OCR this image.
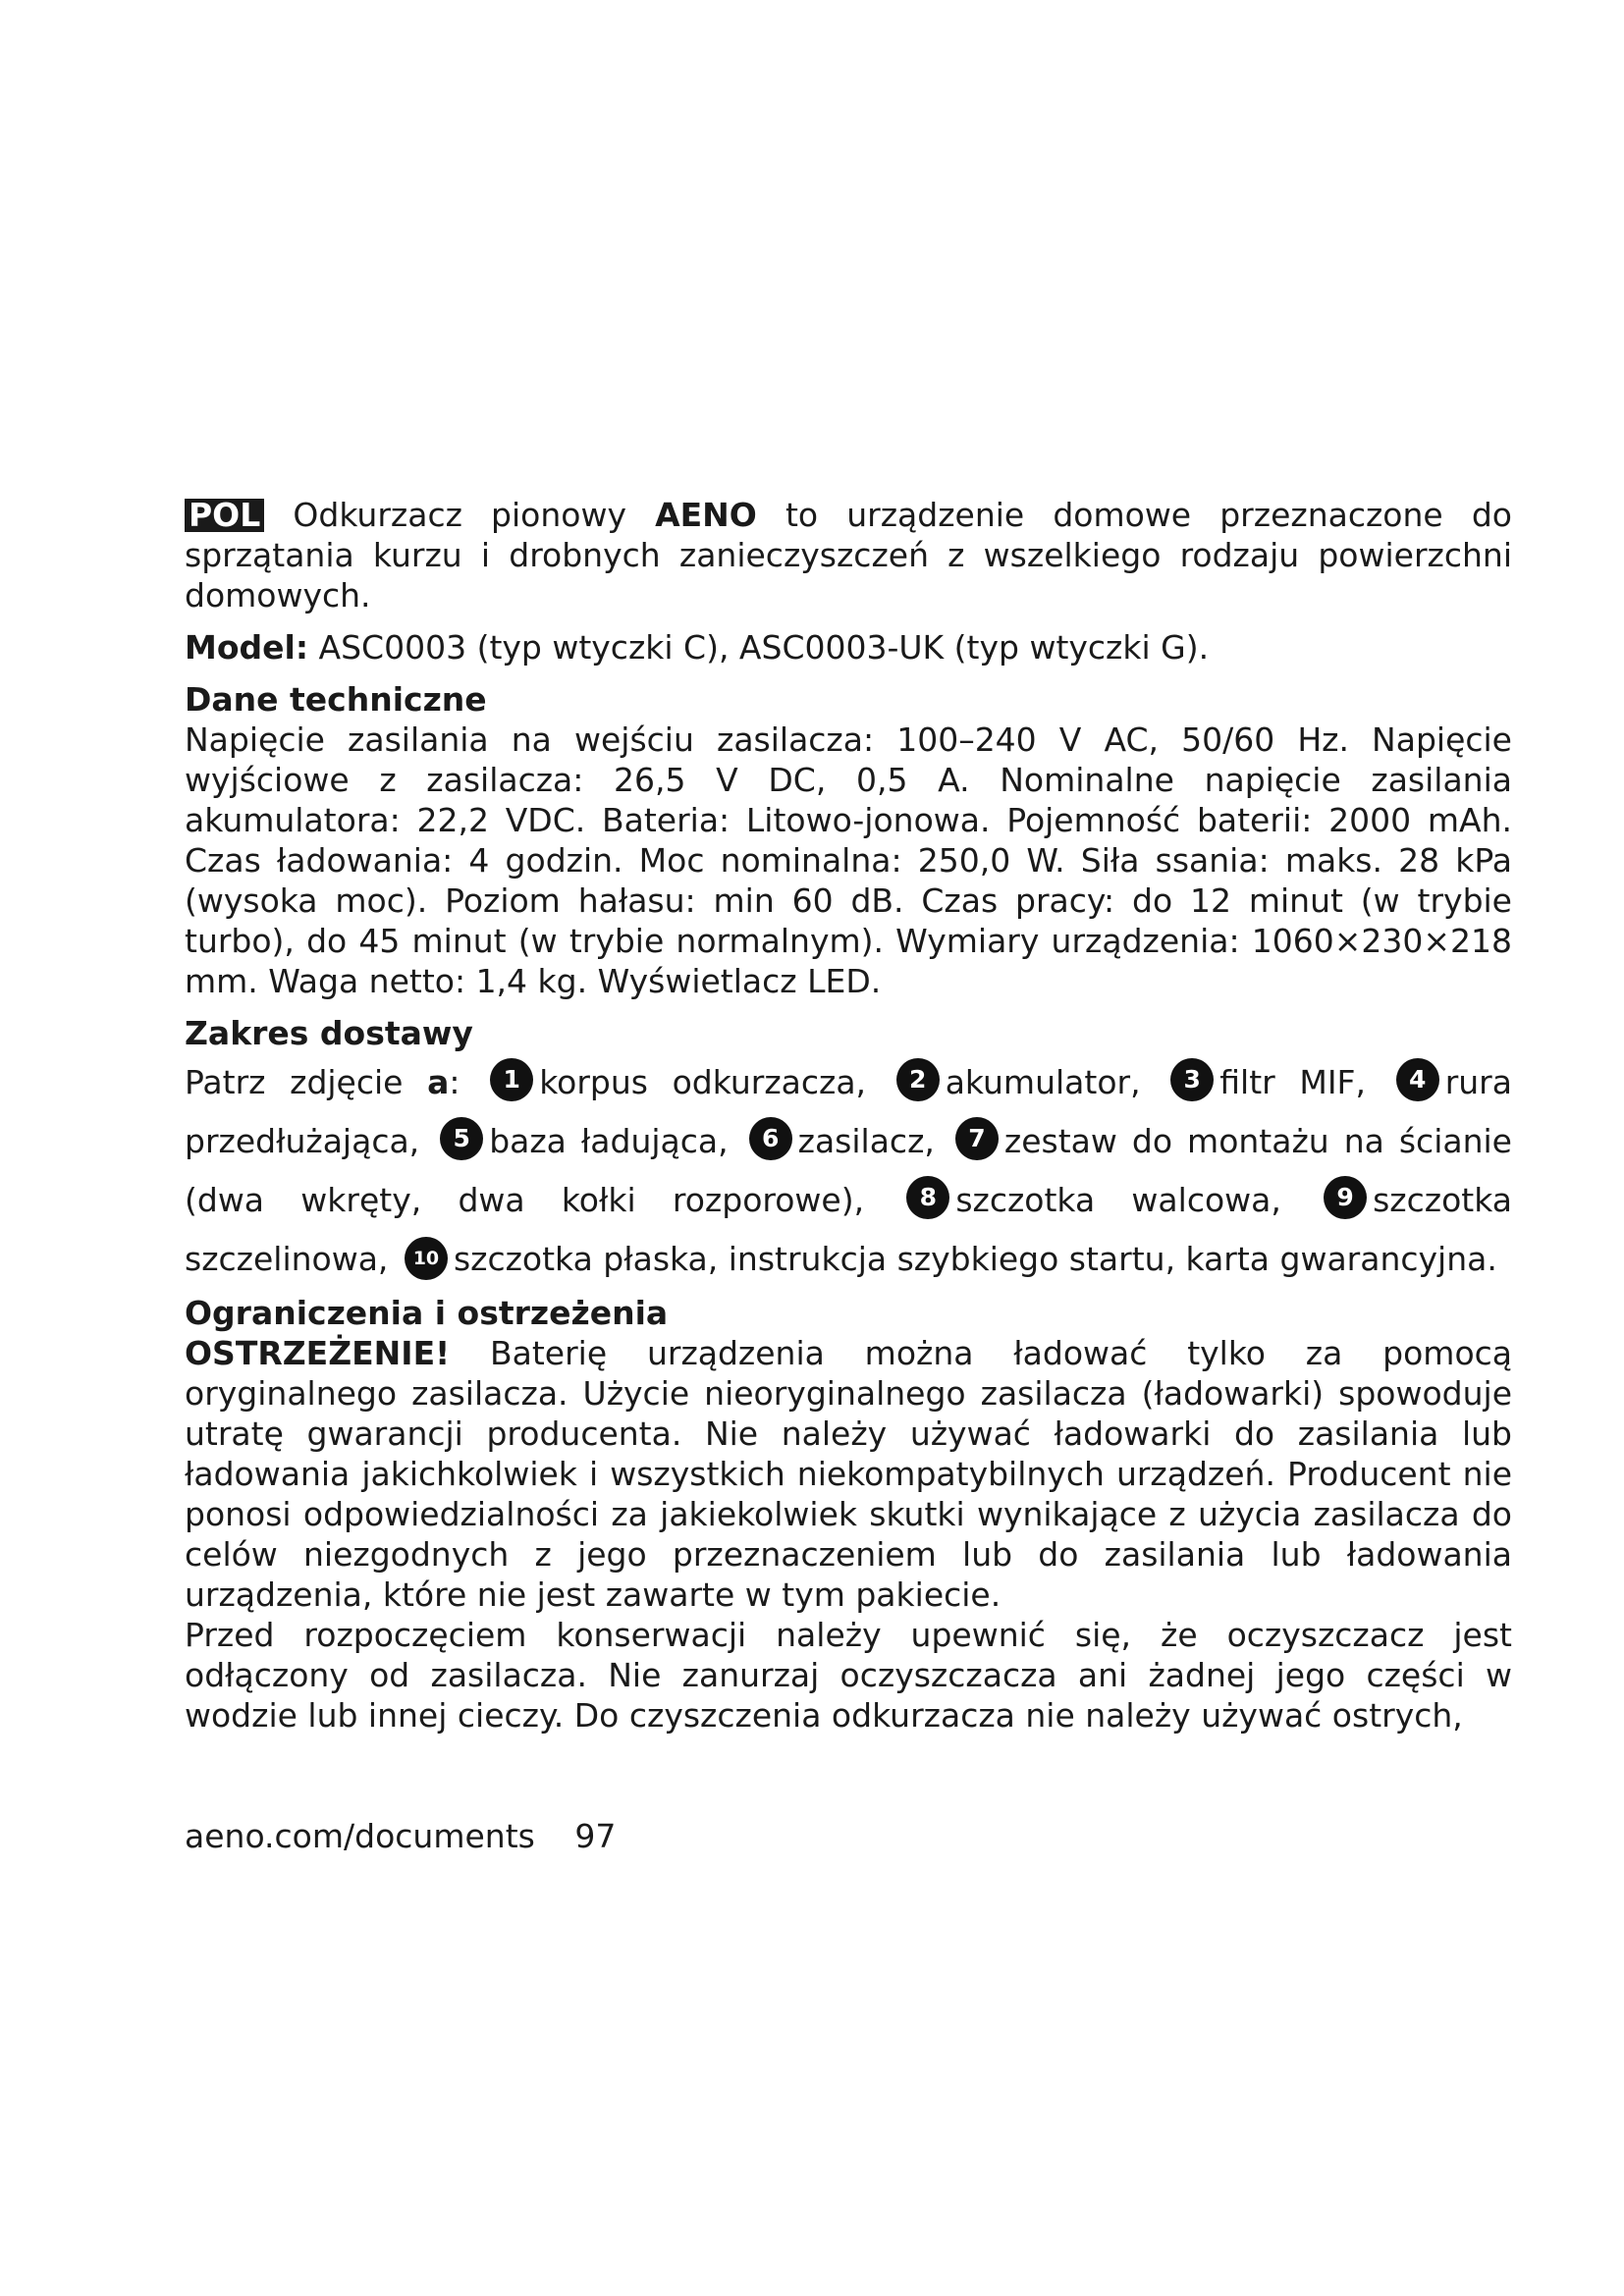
POL Odkurzacz pionowy AENO to urządzenie domowe przeznaczone do sprzątania kurzu i drobnych zanieczyszczeń z wszelkiego rodzaju powierzchni domowych.

Model: ASC0003 (typ wtyczki C), ASC0003-UK (typ wtyczki G).

Dane techniczne

Napięcie zasilania na wejściu zasilacza: 100–240 V AC, 50/60 Hz. Napięcie wyjściowe z zasilacza: 26,5 V DC, 0,5 A. Nominalne napięcie zasilania akumulatora: 22,2 VDC. Bateria: Litowo-jonowa. Pojemność baterii: 2000 mAh. Czas ładowania: 4 godzin. Moc nominalna: 250,0 W. Siła ssania: maks. 28 kPa (wysoka moc). Poziom hałasu: min 60 dB. Czas pracy: do 12 minut (w trybie turbo), do 45 minut (w trybie normalnym). Wymiary urządzenia: 1060×230×218 mm. Waga netto: 1,4 kg. Wyświetlacz LED.

Zakres dostawy

Patrz zdjęcie a: 1 korpus odkurzacza, 2 akumulator, 3 filtr MIF, 4 rura przedłużająca, 5 baza ładująca, 6 zasilacz, 7 zestaw do montażu na ścianie (dwa wkręty, dwa kołki rozporowe), 8 szczotka walcowa, 9 szczotka szczelinowa, 10 szczotka płaska, instrukcja szybkiego startu, karta gwarancyjna.

Ograniczenia i ostrzeżenia

OSTRZEŻENIE! Baterię urządzenia można ładować tylko za pomocą oryginalnego zasilacza. Użycie nieoryginalnego zasilacza (ładowarki) spowoduje utratę gwarancji producenta. Nie należy używać ładowarki do zasilania lub ładowania jakichkolwiek i wszystkich niekompatybilnych urządzeń. Producent nie ponosi odpowiedzialności za jakiekolwiek skutki wynikające z użycia zasilacza do celów niezgodnych z jego przeznaczeniem lub do zasilania lub ładowania urządzenia, które nie jest zawarte w tym pakiecie.

Przed rozpoczęciem konserwacji należy upewnić się, że oczyszczacz jest odłączony od zasilacza. Nie zanurzaj oczyszczacza ani żadnej jego części w wodzie lub innej cieczy. Do czyszczenia odkurzacza nie należy używać ostrych,

aeno.com/documents 97
